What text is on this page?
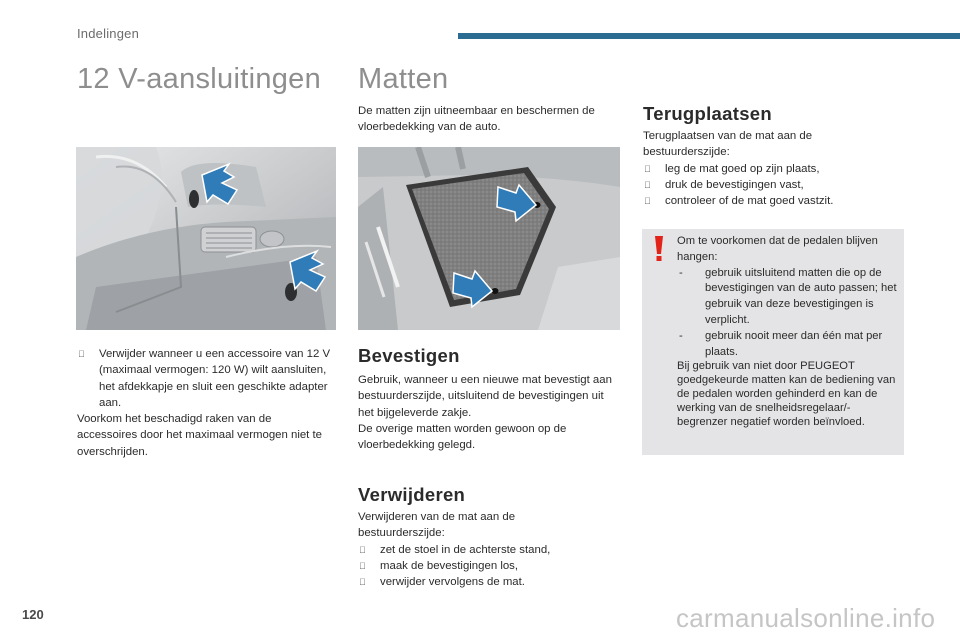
Indelingen
12 V-aansluitingen Matten
De matten zijn uitneembaar en beschermen de vloerbedekking van de auto.
Verwijder wanneer u een accessoire van 12 V (maximaal vermogen: 120 W) wilt aansluiten, het afdekkapje en sluit een geschikte adapter aan.
Voorkom het beschadigd raken van de accessoires door het maximaal vermogen niet te overschrijden.
Bevestigen
Gebruik, wanneer u een nieuwe mat bevestigt aan bestuurderszijde, uitsluitend de bevestigingen uit het bijgeleverde zakje.
De overige matten worden gewoon op de vloerbedekking gelegd.
Verwijderen
Verwijderen van de mat aan de bestuurderszijde:
zet de stoel in de achterste stand,
maak de bevestigingen los,
verwijder vervolgens de mat.
Terugplaatsen
Terugplaatsen van de mat aan de bestuurderszijde:
leg de mat goed op zijn plaats,
druk de bevestigingen vast,
controleer of de mat goed vastzit.
Om te voorkomen dat de pedalen blijven hangen:
- gebruik uitsluitend matten die op de bevestigingen van de auto passen; het gebruik van deze bevestigingen is verplicht.
- gebruik nooit meer dan één mat per plaats.
Bij gebruik van niet door PEUGEOT goedgekeurde matten kan de bediening van de pedalen worden gehinderd en kan de werking van de snelheidsregelaar/-begrenzer negatief worden beïnvloed.
120	carmanualsonline.info
